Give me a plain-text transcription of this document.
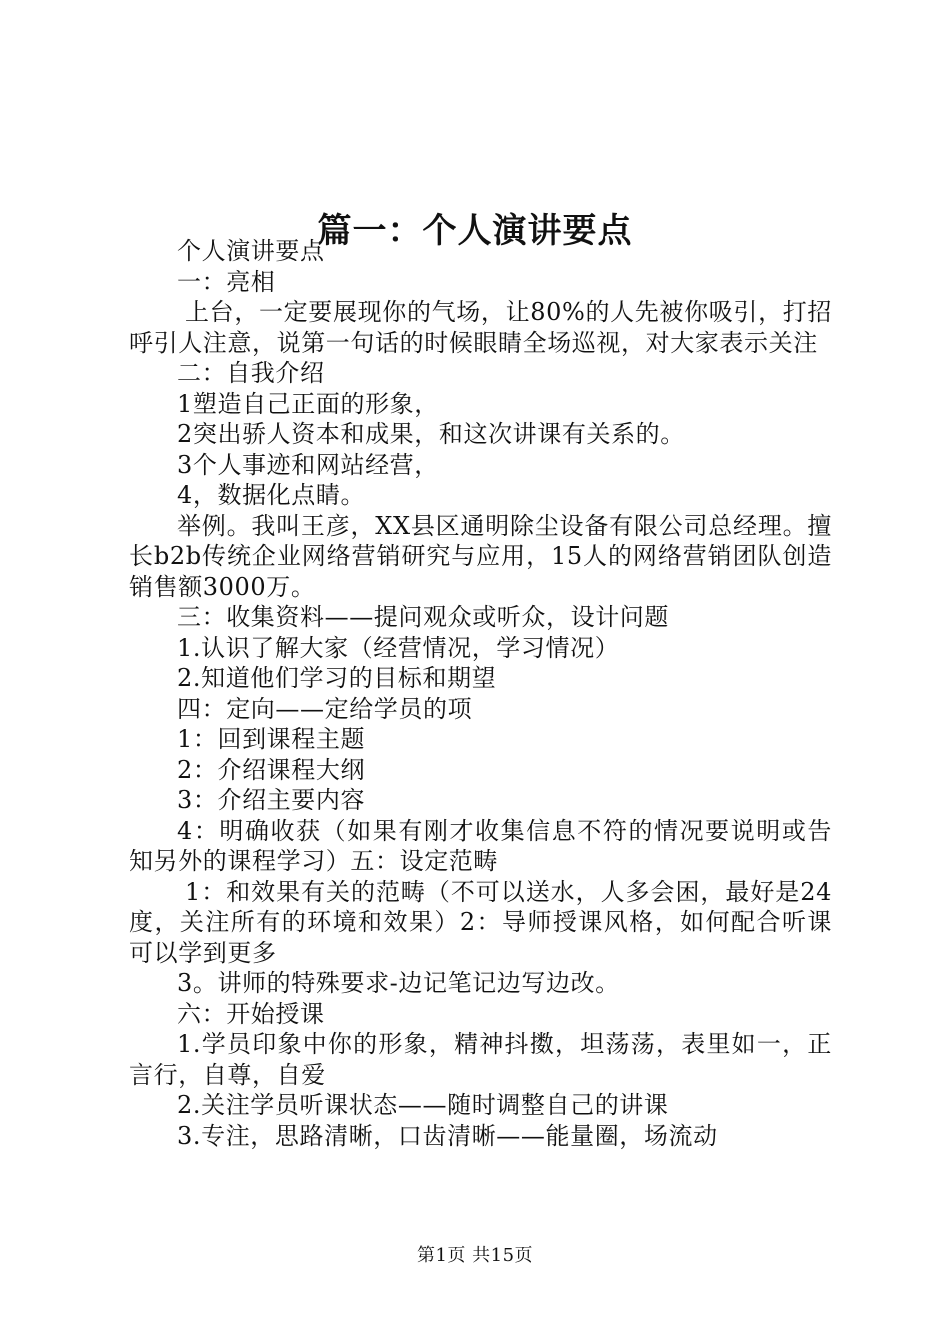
篇一：个人演讲要点

个人演讲要点

一：亮相

上台，一定要展现你的气场，让80%的人先被你吸引，打招呼引人注意，说第一句话的时候眼睛全场巡视，对大家表示关注

二：自我介绍

1塑造自己正面的形象，

2突出骄人资本和成果，和这次讲课有关系的。

3个人事迹和网站经营，

4，数据化点睛。

举例。我叫王彦，XX县区通明除尘设备有限公司总经理。擅长b2b传统企业网络营销研究与应用，15人的网络营销团队创造销售额3000万。

三：收集资料——提问观众或听众，设计问题

1.认识了解大家（经营情况，学习情况）

2.知道他们学习的目标和期望

四：定向——定给学员的项

1：回到课程主题

2：介绍课程大纲

3：介绍主要内容

4：明确收获（如果有刚才收集信息不符的情况要说明或告知另外的课程学习）五：设定范畴

1：和效果有关的范畴（不可以送水，人多会困，最好是24度，关注所有的环境和效果）2：导师授课风格，如何配合听课可以学到更多

3。讲师的特殊要求-边记笔记边写边改。

六：开始授课

1.学员印象中你的形象，精神抖擞，坦荡荡，表里如一，正言行，自尊，自爱

2.关注学员听课状态——随时调整自己的讲课

3.专注，思路清晰，口齿清晰——能量圈，场流动

第1页 共15页
